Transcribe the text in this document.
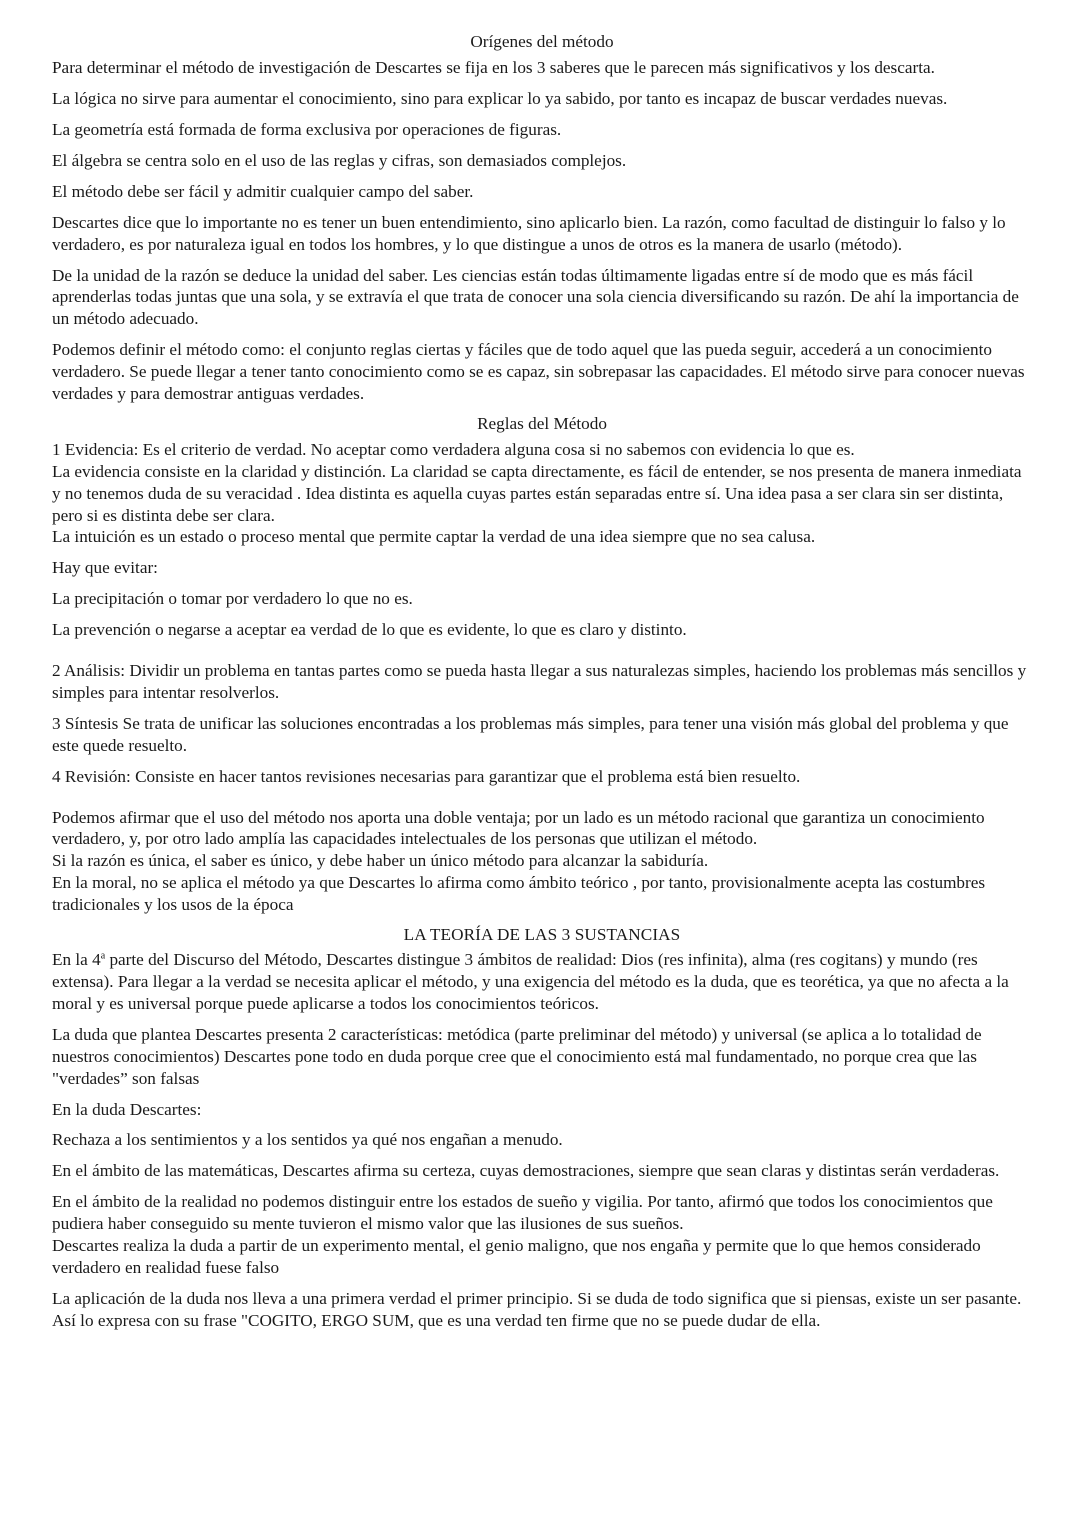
Orígenes del método

Para determinar el método de investigación de Descartes se fija en los 3 saberes que le parecen más significativos y los descarta.

La lógica no sirve para aumentar el conocimiento, sino para explicar lo ya sabido, por tanto es incapaz de buscar verdades nuevas.

La geometría está formada de forma exclusiva por operaciones de figuras.

El álgebra se centra solo en el uso de las reglas y cifras, son demasiados complejos.

El método debe ser fácil y admitir cualquier campo del saber.

Descartes dice que lo importante no es tener un buen entendimiento, sino aplicarlo bien. La razón, como facultad de distinguir lo falso y lo verdadero, es por naturaleza igual en todos los hombres, y lo que distingue a unos de otros es la manera de usarlo (método).

De la unidad de la razón se deduce la unidad del saber. Les ciencias están todas últimamente ligadas entre sí de modo que es más fácil aprenderlas todas juntas que una sola, y se extravía el que trata de conocer una sola ciencia diversificando su razón. De ahí la importancia de un método adecuado.

Podemos definir el método como: el conjunto reglas ciertas y fáciles que de todo aquel que las pueda seguir, accederá a un conocimiento verdadero. Se puede llegar a tener tanto conocimiento como se es capaz, sin sobrepasar las capacidades. El método sirve para conocer nuevas verdades y para demostrar antiguas verdades.

Reglas del Método
1 Evidencia: Es el criterio de verdad. No aceptar como verdadera alguna cosa si no sabemos con evidencia lo que es.
La evidencia consiste en la claridad y distinción. La claridad se capta directamente, es fácil de entender, se nos presenta de manera inmediata y no tenemos duda de su veracidad . Idea distinta es aquella cuyas partes están separadas entre sí. Una idea pasa a ser clara sin ser distinta, pero si es distinta debe ser clara.
La intuición es un estado o proceso mental que permite captar la verdad de una idea siempre que no sea calusa.

Hay que evitar:

La precipitación o tomar por verdadero lo que no es.

La prevención o negarse a aceptar ea verdad de lo que es evidente, lo que es claro y distinto.

2 Análisis: Dividir un problema en tantas partes como se pueda hasta llegar a sus naturalezas simples, haciendo los problemas más sencillos y simples para intentar resolverlos.

3 Síntesis Se trata de unificar las soluciones encontradas a los problemas más simples, para tener una visión más global del problema y que este quede resuelto.

4 Revisión: Consiste en hacer tantos revisiones necesarias para garantizar que el problema está bien resuelto.

Podemos afirmar que el uso del método nos aporta una doble ventaja; por un lado es un método racional que garantiza un conocimiento verdadero, y, por otro lado amplía las capacidades intelectuales de los personas que utilizan el método.
Si la razón es única, el saber es único, y debe haber un único método para alcanzar la sabiduría.
En la moral, no se aplica el método ya que Descartes lo afirma como ámbito teórico , por tanto, provisionalmente acepta las costumbres tradicionales y los usos de la época
LA TEORÍA DE LAS 3 SUSTANCIAS

En la 4$^a$ parte del Discurso del Método, Descartes distingue 3 ámbitos de realidad: Dios (res infinita), alma (res cogitans) y mundo (res extensa). Para llegar a la verdad se necesita aplicar el método, y una exigencia del método es la duda, que es teorética, ya que no afecta a la moral y es universal porque puede aplicarse a todos los conocimientos teóricos.

La duda que plantea Descartes presenta 2 características: metódica (parte preliminar del método) y universal (se aplica a lo totalidad de nuestros conocimientos) Descartes pone todo en duda porque cree que el conocimiento está mal fundamentado, no porque crea que las "verdades” son falsas

En la duda Descartes:

Rechaza a los sentimientos y a los sentidos ya qué nos engañan a menudo.

En el ámbito de las matemáticas, Descartes afirma su certeza, cuyas demostraciones, siempre que sean claras y distintas serán verdaderas.

En el ámbito de la realidad no podemos distinguir entre los estados de sueño y vigilia. Por tanto, afirmó que todos los conocimientos que pudiera haber conseguido su mente tuvieron el mismo valor que las ilusiones de sus sueños.
Descartes realiza la duda a partir de un experimento mental, el genio maligno, que nos engaña y permite que lo que hemos considerado verdadero en realidad fuese falso

La aplicación de la duda nos lleva a una primera verdad el primer principio. Si se duda de todo significa que si piensas, existe un ser pasante. Así lo expresa con su frase "COGITO, ERGO SUM, que es una verdad ten firme que no se puede dudar de ella.
